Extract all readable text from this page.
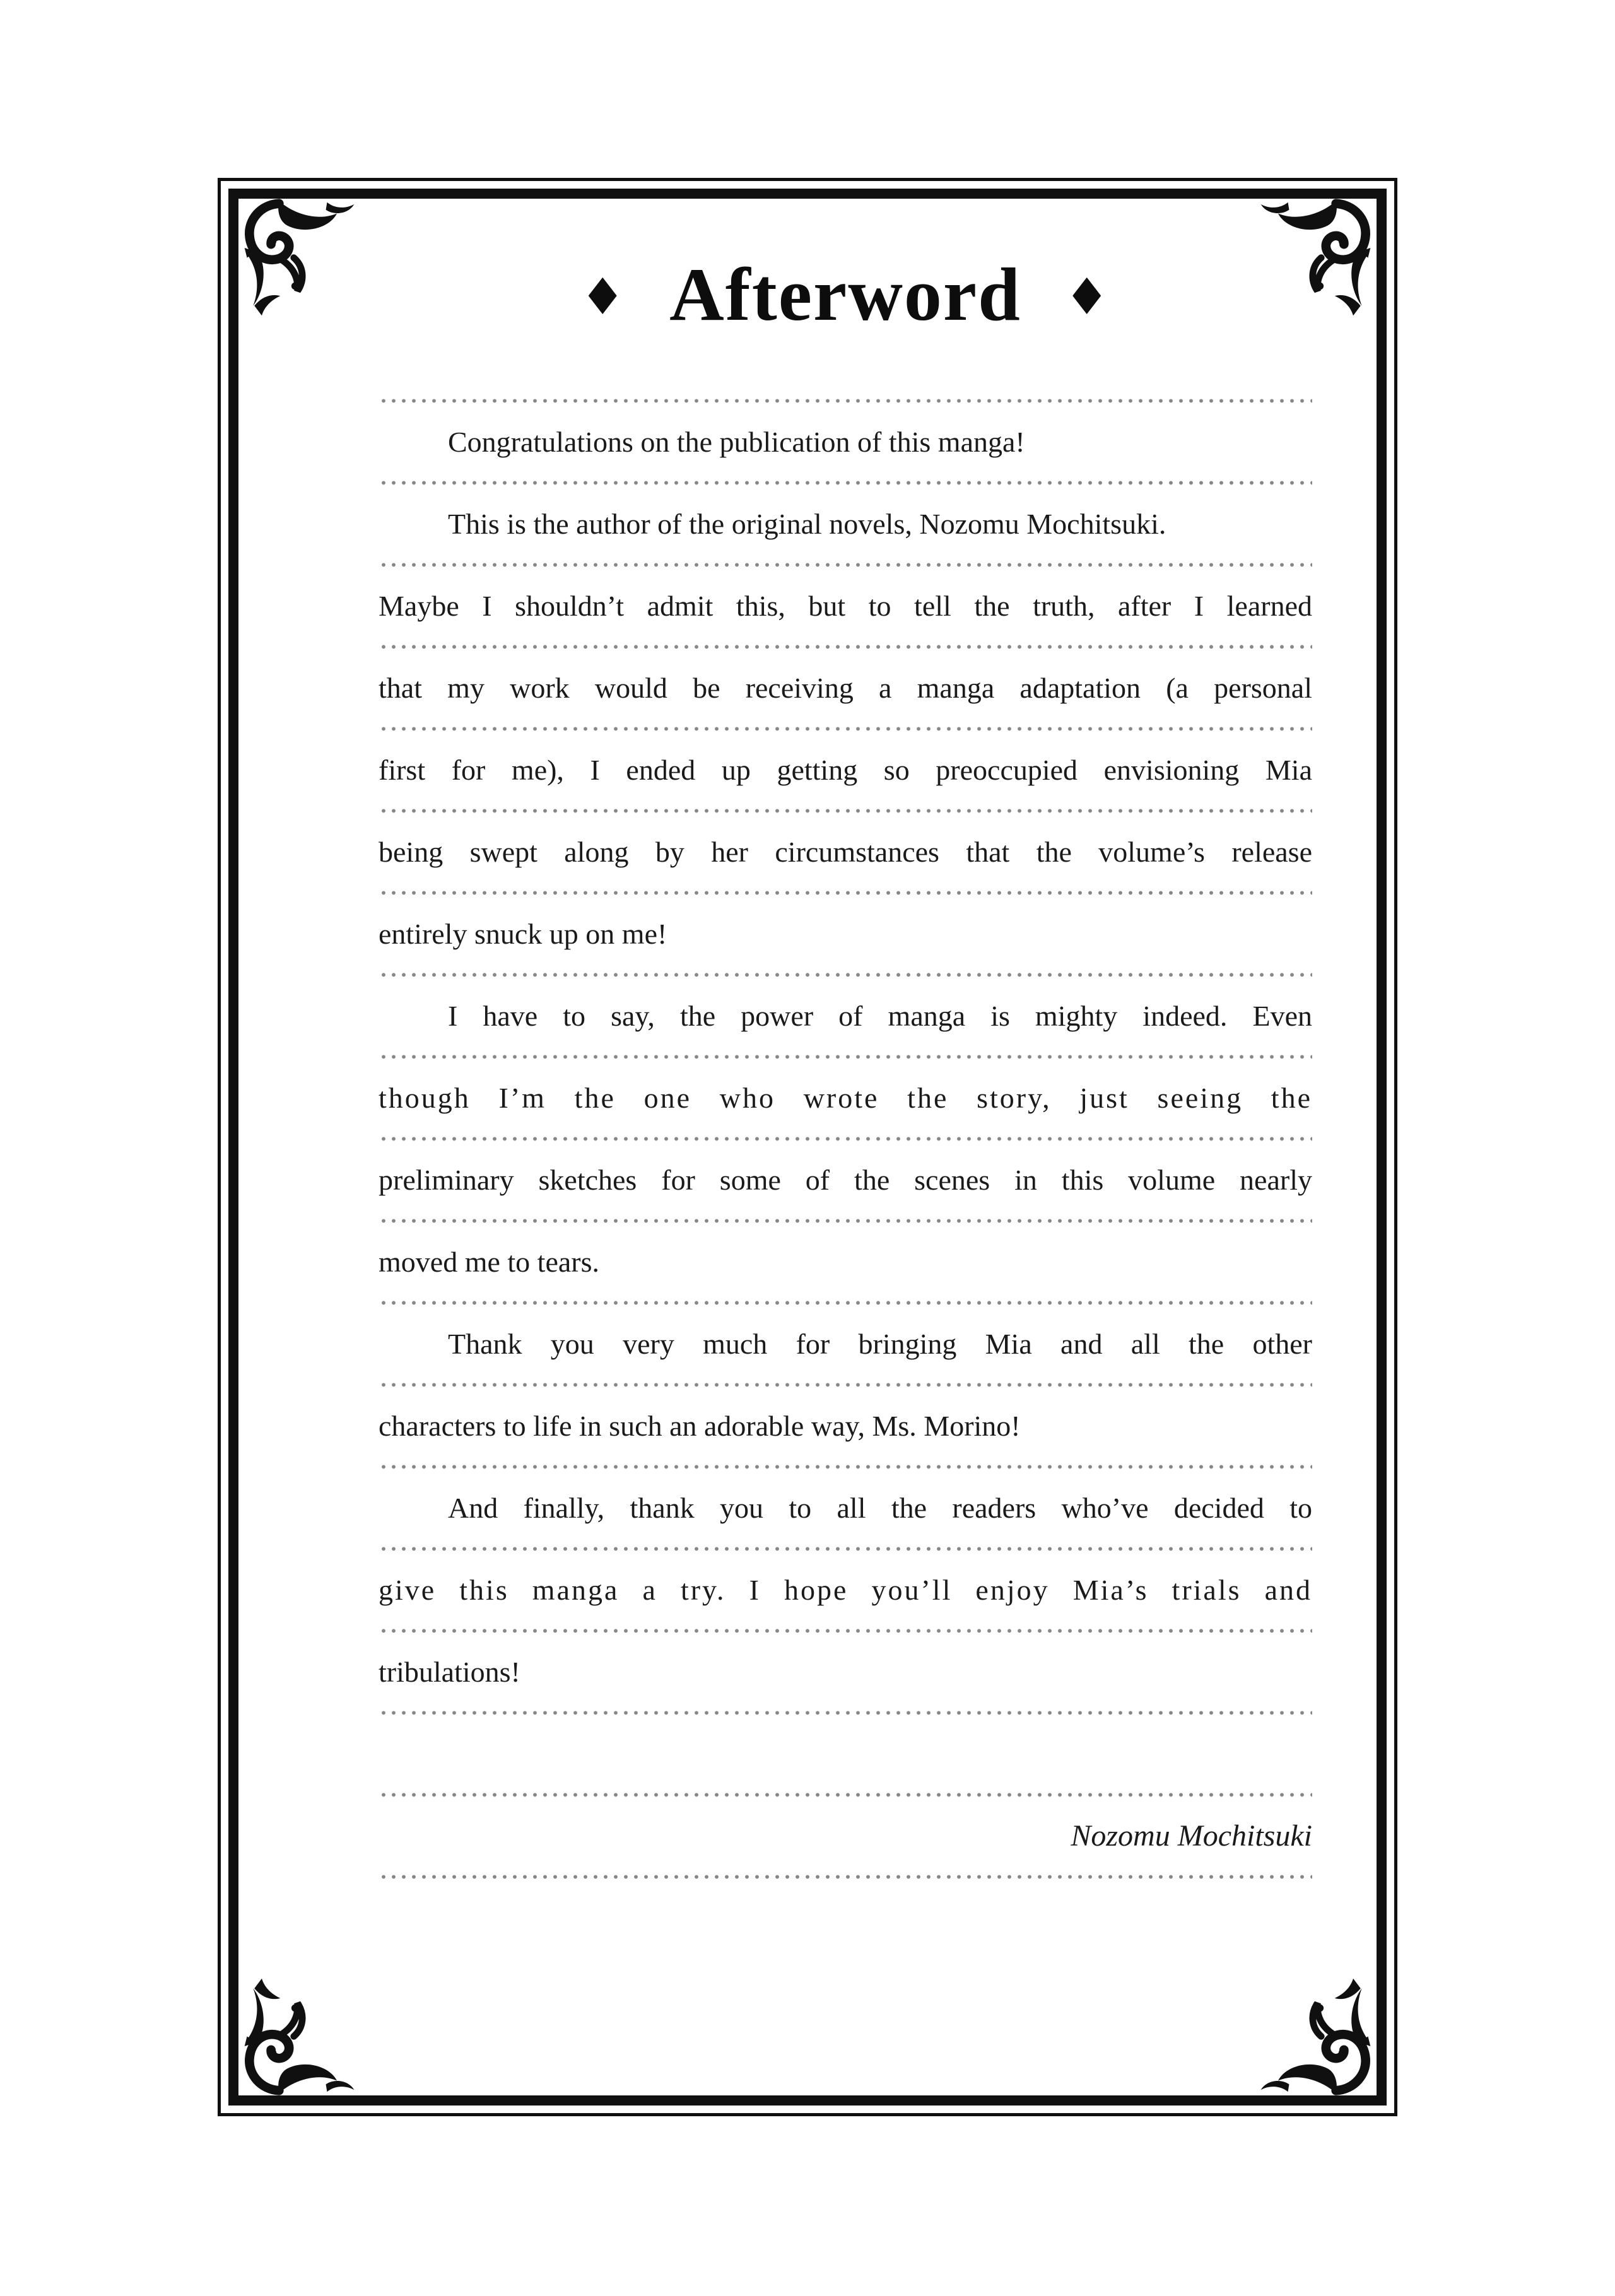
♦ Afterword ♦
Congratulations on the publication of this manga!
This is the author of the original novels, Nozomu Mochitsuki.
Maybe I shouldn’t admit this, but to tell the truth, after I learned
that my work would be receiving a manga adaptation (a personal
first for me), I ended up getting so preoccupied envisioning Mia
being swept along by her circumstances that the volume’s release
entirely snuck up on me!
I have to say, the power of manga is mighty indeed. Even
though I’m the one who wrote the story, just seeing the
preliminary sketches for some of the scenes in this volume nearly
moved me to tears.
Thank you very much for bringing Mia and all the other
characters to life in such an adorable way, Ms. Morino!
And finally, thank you to all the readers who’ve decided to
give this manga a try. I hope you’ll enjoy Mia’s trials and
tribulations!
Nozomu Mochitsuki
